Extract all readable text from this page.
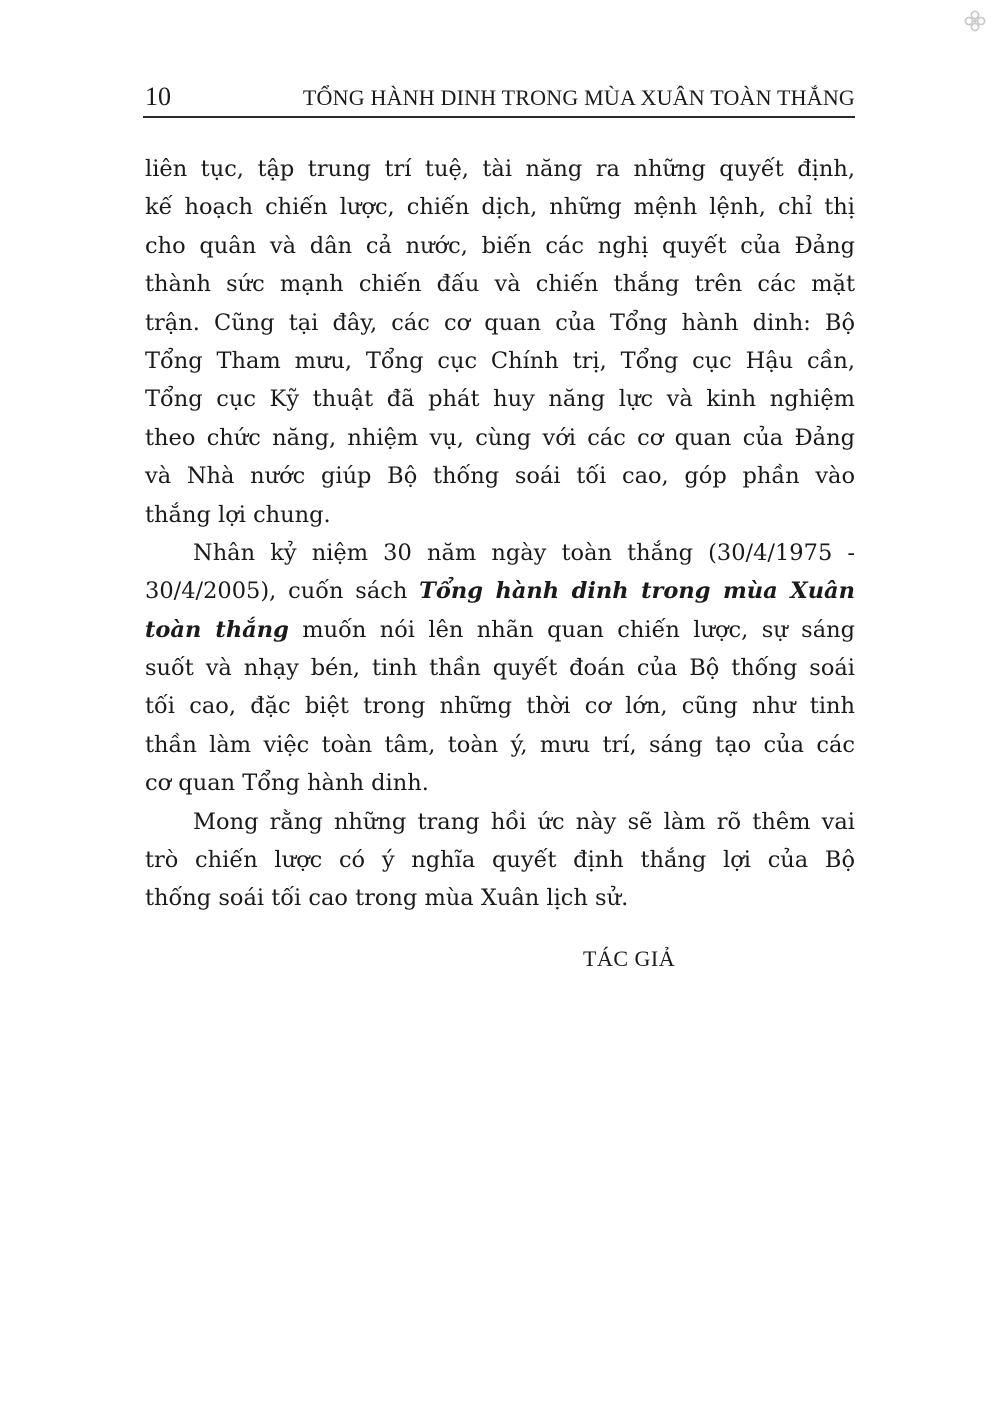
10	TỔNG HÀNH DINH TRONG MÙA XUÂN TOÀN THẮNG
liên tục, tập trung trí tuệ, tài năng ra những quyết định,
kế hoạch chiến lược, chiến dịch, những mệnh lệnh, chỉ thị
cho quân và dân cả nước, biến các nghị quyết của Đảng
thành sức mạnh chiến đấu và chiến thắng trên các mặt
trận. Cũng tại đây, các cơ quan của Tổng hành dinh: Bộ
Tổng Tham mưu, Tổng cục Chính trị, Tổng cục Hậu cần,
Tổng cục Kỹ thuật đã phát huy năng lực và kinh nghiệm
theo chức năng, nhiệm vụ, cùng với các cơ quan của Đảng
và Nhà nước giúp Bộ thống soái tối cao, góp phần vào
thắng lợi chung.
Nhân kỷ niệm 30 năm ngày toàn thắng (30/4/1975 -
30/4/2005), cuốn sách Tổng hành dinh trong mùa Xuân
toàn thắng muốn nói lên nhãn quan chiến lược, sự sáng
suốt và nhạy bén, tinh thần quyết đoán của Bộ thống soái
tối cao, đặc biệt trong những thời cơ lớn, cũng như tinh
thần làm việc toàn tâm, toàn ý, mưu trí, sáng tạo của các
cơ quan Tổng hành dinh.
Mong rằng những trang hồi ức này sẽ làm rõ thêm vai
trò chiến lược có ý nghĩa quyết định thắng lợi của Bộ
thống soái tối cao trong mùa Xuân lịch sử.
TÁC GIẢ
